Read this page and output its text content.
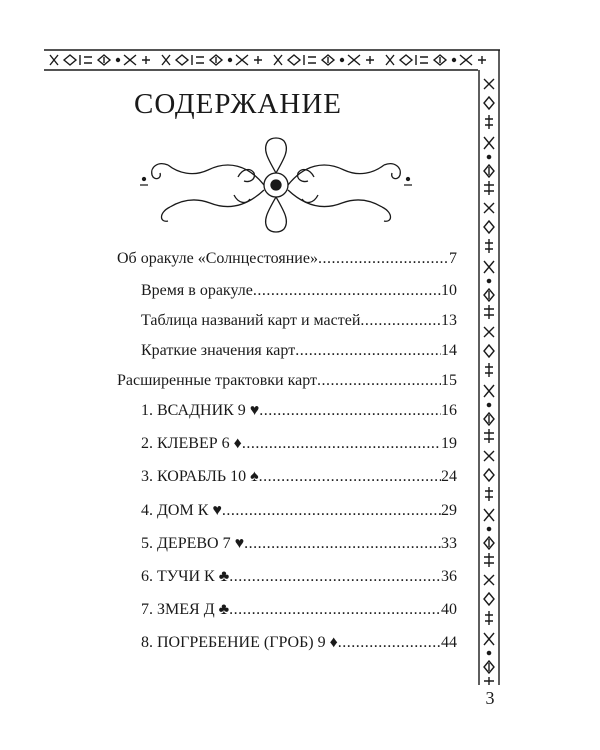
СОДЕРЖАНИЕ
Об оракуле «Солнцестояние» .....	7
Время в оракуле .....	10
Таблица названий карт и мастей .....	13
Краткие значения карт .....	14
Расширенные трактовки карт .....	15
1. ВСАДНИК 9 ♥ .....	16
2. КЛЕВЕР 6 ♦ .....	19
3. КОРАБЛЬ 10 ♠ .....	24
4. ДОМ К ♥ .....	29
5. ДЕРЕВО 7 ♥ .....	33
6. ТУЧИ К ♣ .....	36
7. ЗМЕЯ Д ♣ .....	40
8. ПОГРЕБЕНИЕ (ГРОБ) 9 ♦ .....	44
3
